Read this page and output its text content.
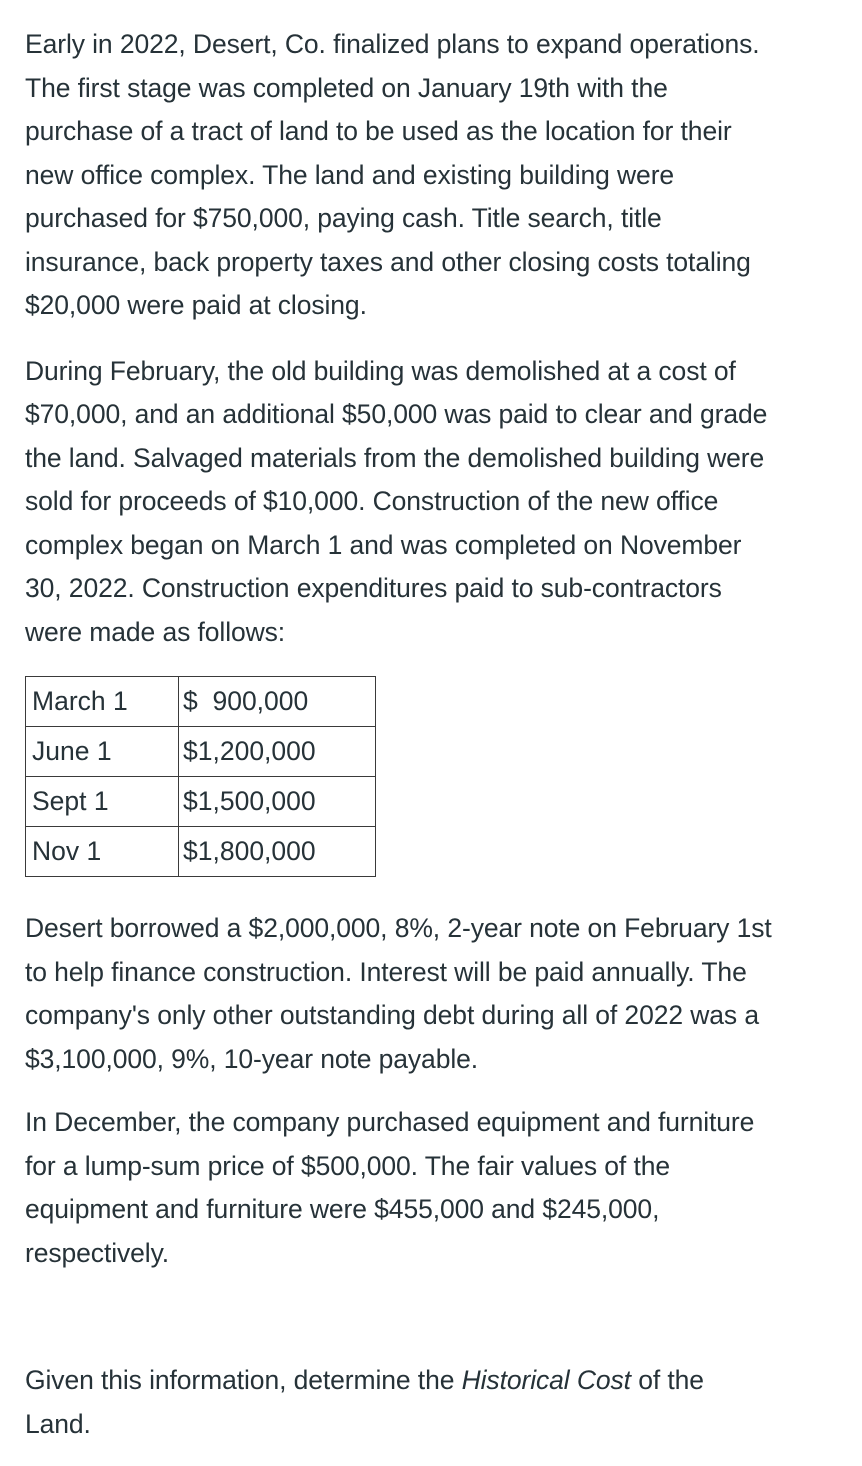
Early in 2022, Desert, Co. finalized plans to expand operations.
The first stage was completed on January 19th with the
purchase of a tract of land to be used as the location for their
new office complex. The land and existing building were
purchased for $750,000, paying cash. Title search, title
insurance, back property taxes and other closing costs totaling
$20,000 were paid at closing.

During February, the old building was demolished at a cost of
$70,000, and an additional $50,000 was paid to clear and grade
the land. Salvaged materials from the demolished building were
sold for proceeds of $10,000. Construction of the new office
complex began on March 1 and was completed on November
30, 2022. Construction expenditures paid to sub-contractors
were made as follows:

March 1	$  900,000
June 1	$1,200,000
Sept 1	$1,500,000
Nov 1	$1,800,000

Desert borrowed a $2,000,000, 8%, 2-year note on February 1st
to help finance construction. Interest will be paid annually. The
company's only other outstanding debt during all of 2022 was a
$3,100,000, 9%, 10-year note payable.

In December, the company purchased equipment and furniture
for a lump-sum price of $500,000. The fair values of the
equipment and furniture were $455,000 and $245,000,
respectively.

Given this information, determine the Historical Cost of the
Land.
